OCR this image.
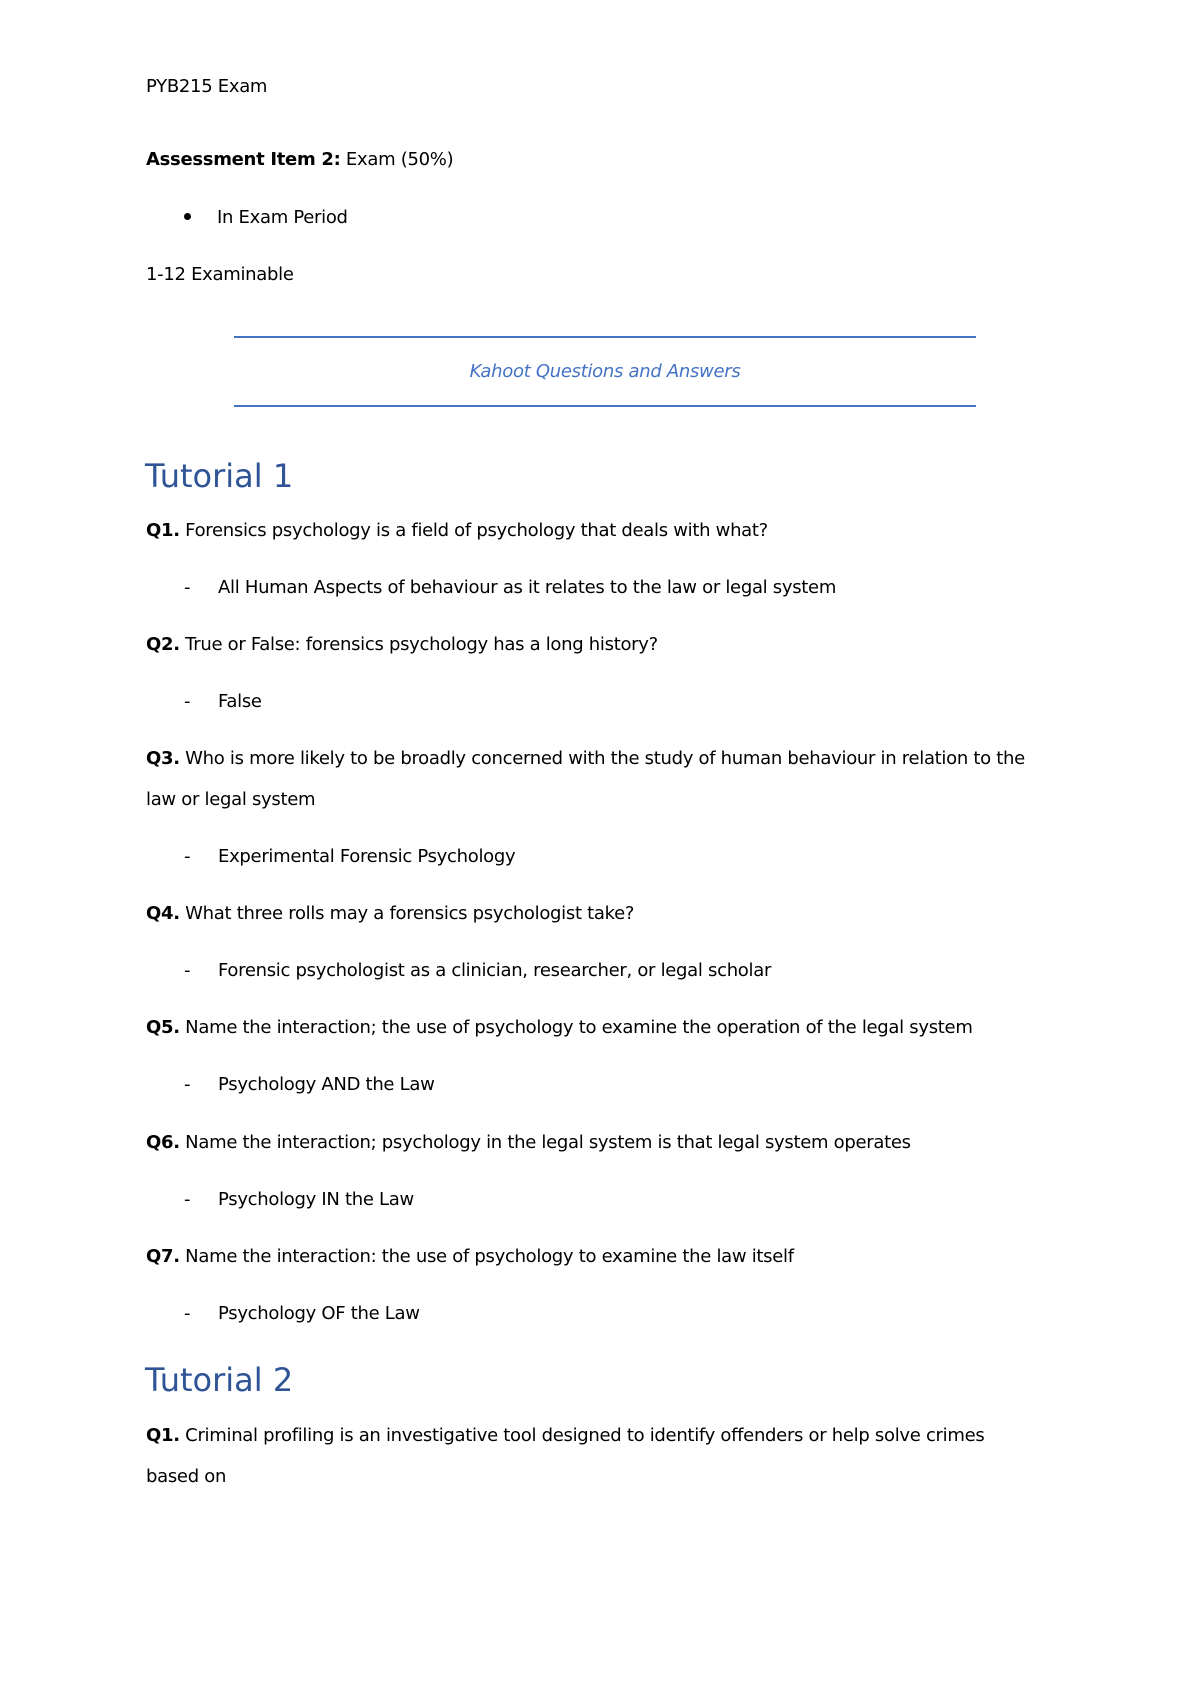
PYB215 Exam

Assessment Item 2: Exam (50%)

In Exam Period

1-12 Examinable

Kahoot Questions and Answers
Tutorial 1

Q1. Forensics psychology is a field of psychology that deals with what?

- All Human Aspects of behaviour as it relates to the law or legal system

Q2. True or False: forensics psychology has a long history?

- False

Q3. Who is more likely to be broadly concerned with the study of human behaviour in relation to the

law or legal system

- Experimental Forensic Psychology

Q4. What three rolls may a forensics psychologist take?

- Forensic psychologist as a clinician, researcher, or legal scholar

Q5. Name the interaction; the use of psychology to examine the operation of the legal system

- Psychology AND the Law

Q6. Name the interaction; psychology in the legal system is that legal system operates

- Psychology IN the Law

Q7. Name the interaction: the use of psychology to examine the law itself

- Psychology OF the Law

Tutorial 2

Q1. Criminal profiling is an investigative tool designed to identify offenders or help solve crimes

based on
